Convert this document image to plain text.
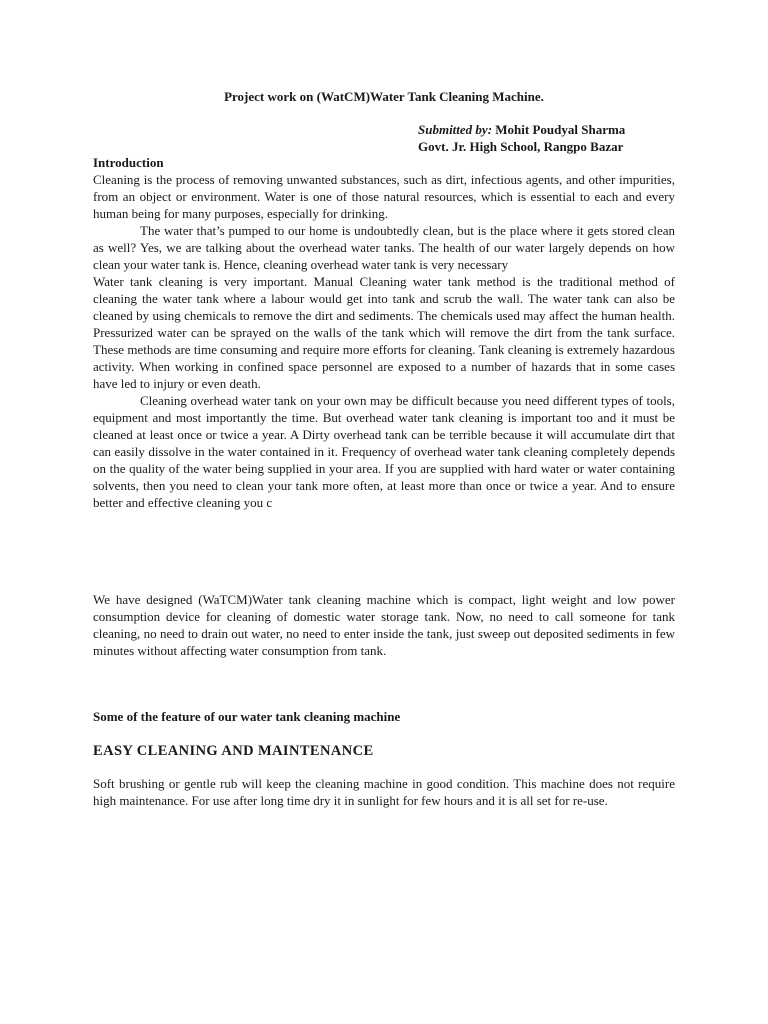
Project work on (WatCM)Water Tank Cleaning Machine.
Submitted by: Mohit Poudyal Sharma
Govt. Jr. High School, Rangpo Bazar
Introduction

Cleaning is the process of removing unwanted substances, such as dirt, infectious agents, and other impurities, from an object or environment. Water is one of those natural resources, which is essential to each and every human being for many purposes, especially for drinking.

The water that’s pumped to our home is undoubtedly clean, but is the place where it gets stored clean as well? Yes, we are talking about the overhead water tanks. The health of our water largely depends on how clean your water tank is. Hence, cleaning overhead water tank is very necessary

Water tank cleaning is very important. Manual Cleaning water tank method is the traditional method of cleaning the water tank where a labour would get into tank and scrub the wall. The water tank can also be cleaned by using chemicals to remove the dirt and sediments. The chemicals used may affect the human health. Pressurized water can be sprayed on the walls of the tank which will remove the dirt from the tank surface. These methods are time consuming and require more efforts for cleaning. Tank cleaning is extremely hazardous activity. When working in confined space personnel are exposed to a number of hazards that in some cases have led to injury or even death.

Cleaning overhead water tank on your own may be difficult because you need different types of tools, equipment and most importantly the time. But overhead water tank cleaning is important too and it must be cleaned at least once or twice a year. A Dirty overhead tank can be terrible because it will accumulate dirt that can easily dissolve in the water contained in it. Frequency of overhead water tank cleaning completely depends on the quality of the water being supplied in your area. If you are supplied with hard water or water containing solvents, then you need to clean your tank more often, at least more than once or twice a year. And to ensure better and effective cleaning you c

We have designed (WaTCM)Water tank cleaning machine which is compact, light weight and low power consumption device for cleaning of domestic water storage tank. Now, no need to call someone for tank cleaning, no need to drain out water, no need to enter inside the tank, just sweep out deposited sediments in few minutes without affecting water consumption from tank.

Some of the feature of our water tank cleaning machine
EASY CLEANING AND MAINTENANCE

Soft brushing or gentle rub will keep the cleaning machine in good condition. This machine does not require high maintenance. For use after long time dry it in sunlight for few hours and it is all set for re-use.
